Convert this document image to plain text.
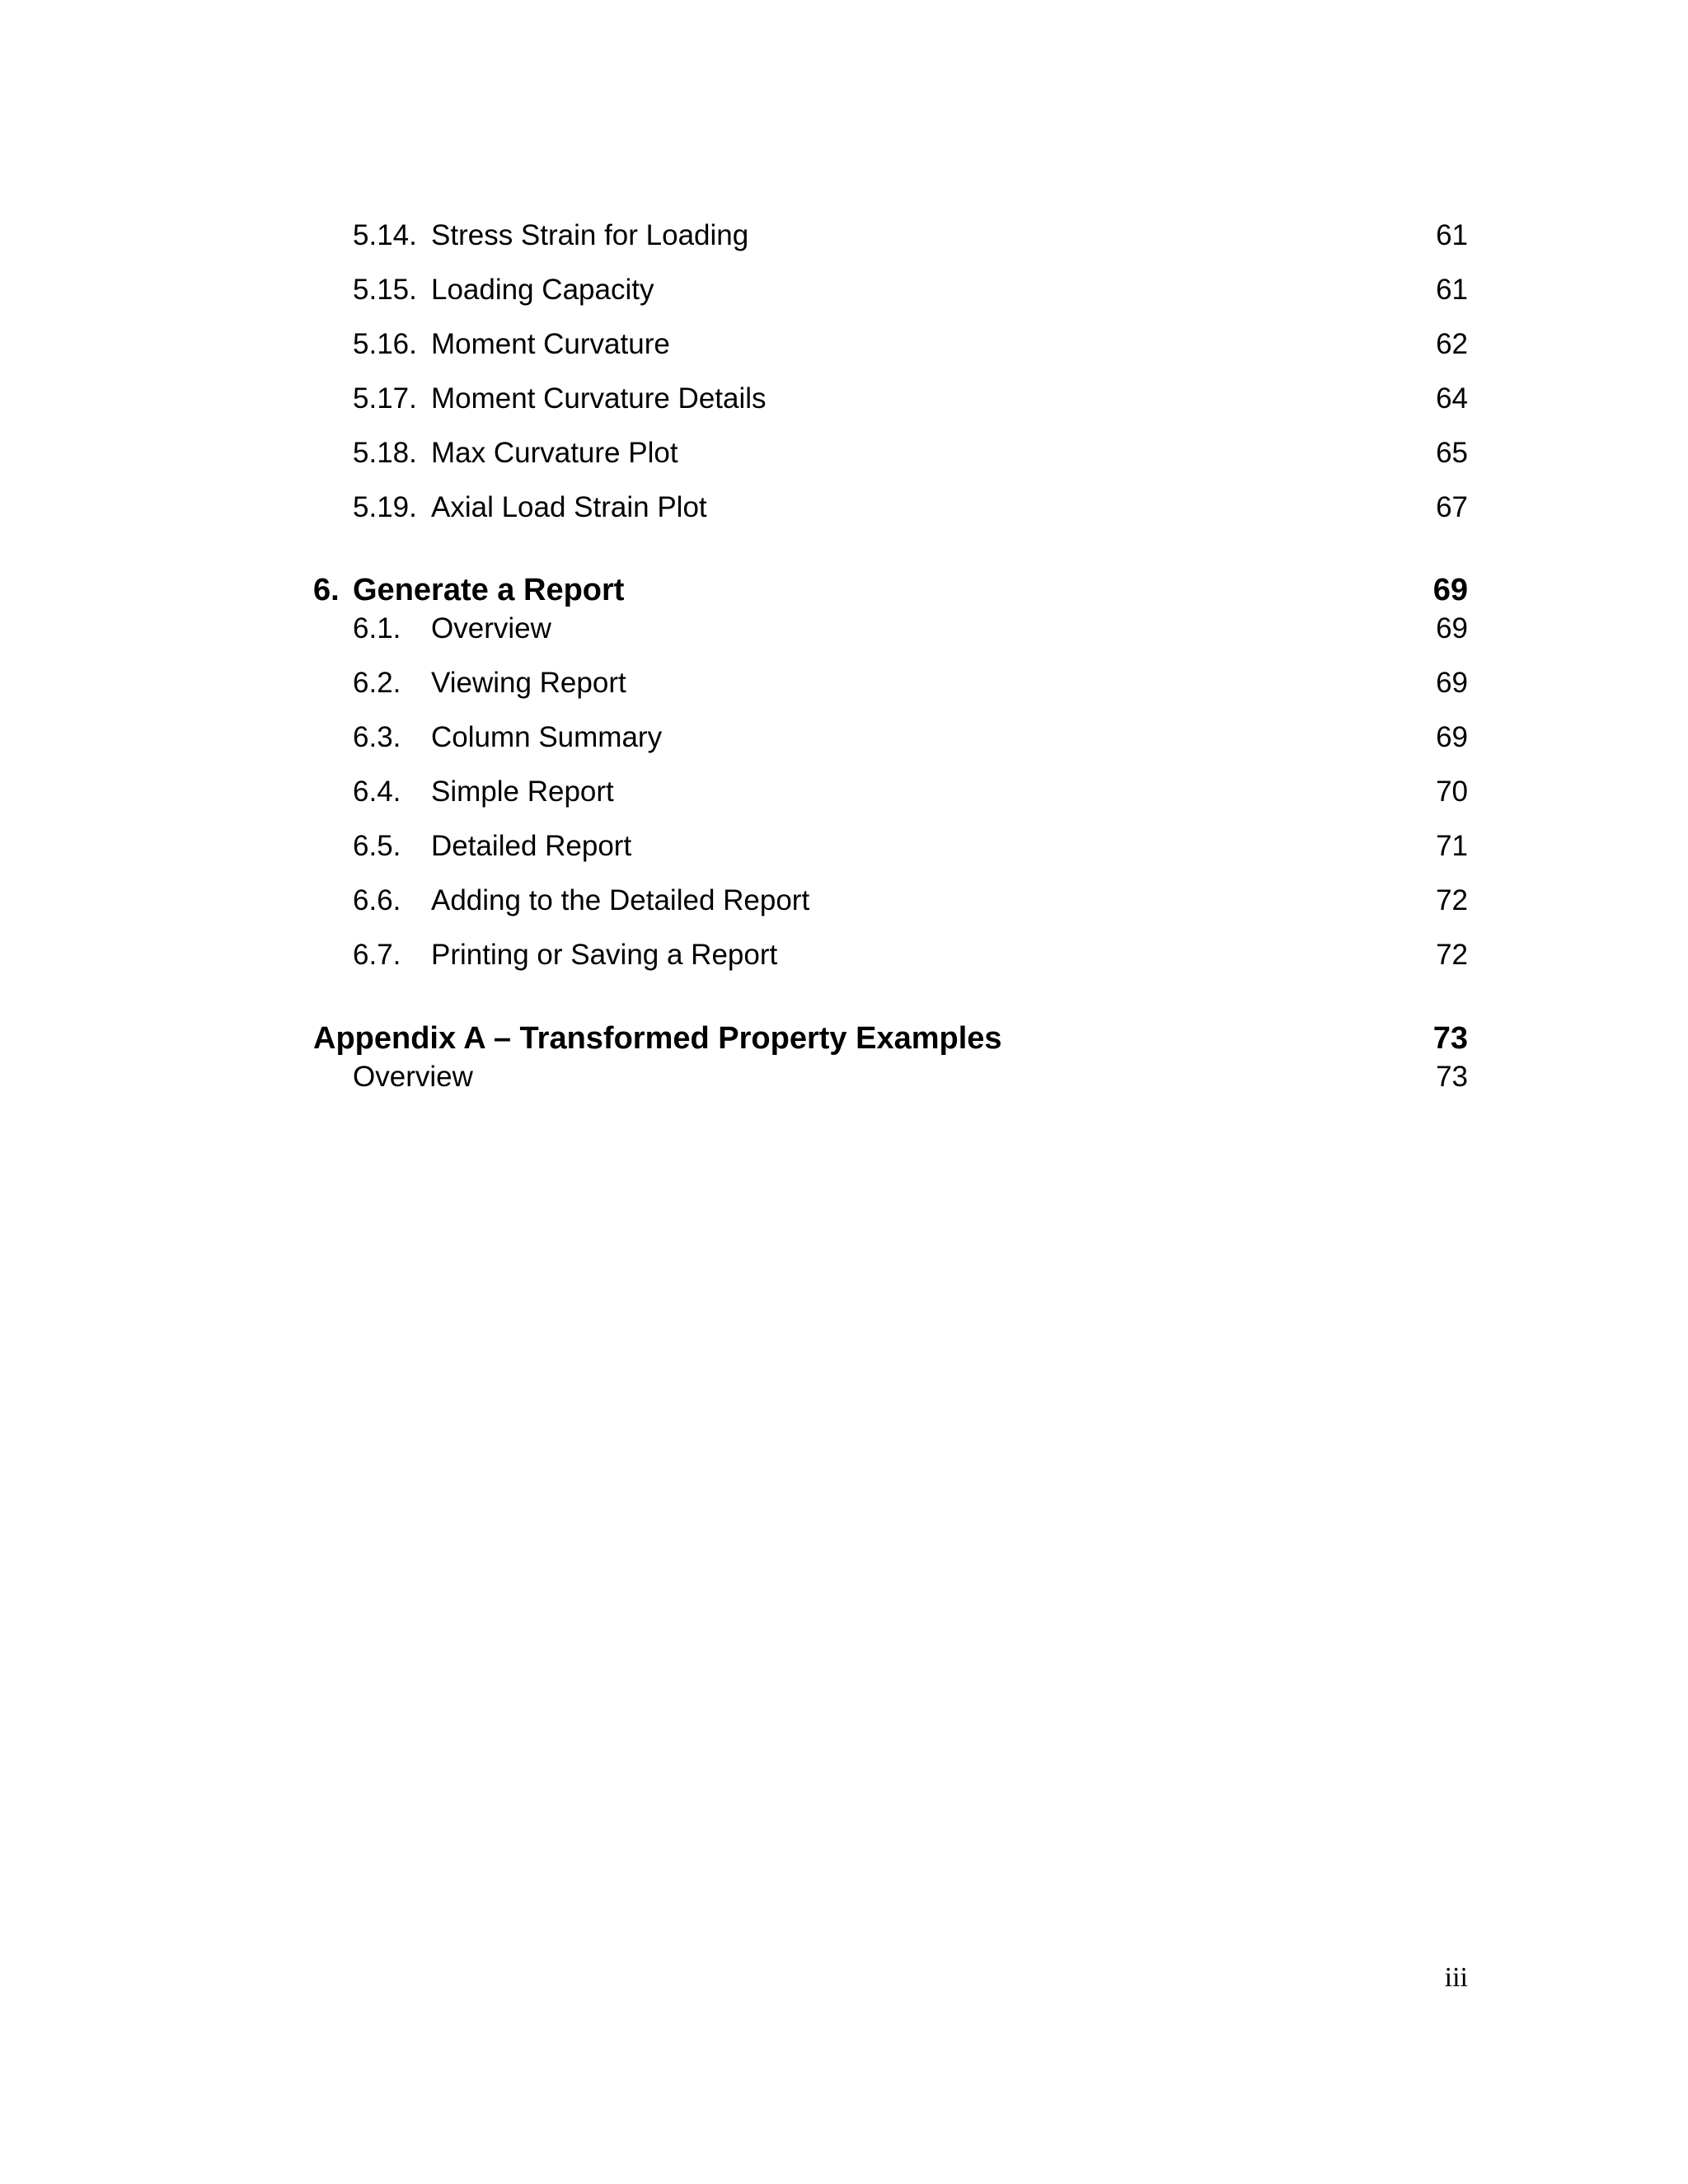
5.14. Stress Strain for Loading	61
5.15. Loading Capacity	61
5.16. Moment Curvature	62
5.17. Moment Curvature Details	64
5.18. Max Curvature Plot	65
5.19. Axial Load Strain Plot	67
6. Generate a Report	69
6.1. Overview	69
6.2. Viewing Report	69
6.3. Column Summary	69
6.4. Simple Report	70
6.5. Detailed Report	71
6.6. Adding to the Detailed Report	72
6.7. Printing or Saving a Report	72
Appendix A – Transformed Property Examples	73
Overview	73
iii
